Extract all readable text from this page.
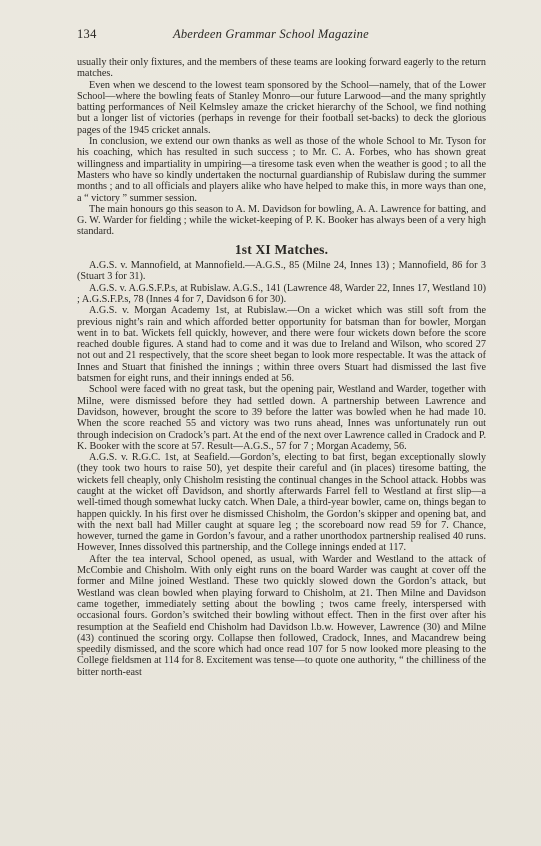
134	Aberdeen Grammar School Magazine

usually their only fixtures, and the members of these teams are looking forward eagerly to the return matches.

Even when we descend to the lowest team sponsored by the School—namely, that of the Lower School—where the bowling feats of Stanley Monro—our future Larwood—and the many sprightly batting performances of Neil Kelmsley amaze the cricket hierarchy of the School, we find nothing but a longer list of victories (perhaps in revenge for their football set-backs) to deck the glorious pages of the 1945 cricket annals.

In conclusion, we extend our own thanks as well as those of the whole School to Mr. Tyson for his coaching, which has resulted in such success ; to Mr. C. A. Forbes, who has shown great willingness and impartiality in umpiring—a tiresome task even when the weather is good ; to all the Masters who have so kindly undertaken the nocturnal guardianship of Rubislaw during the summer months ; and to all officials and players alike who have helped to make this, in more ways than one, a “ victory ” summer session.

The main honours go this season to A. M. Davidson for bowling, A. A. Lawrence for batting, and G. W. Warder for fielding ; while the wicket-keeping of P. K. Booker has always been of a very high standard.

1st XI Matches.

A.G.S. v. Mannofield, at Mannofield.—A.G.S., 85 (Milne 24, Innes 13) ; Mannofield, 86 for 3 (Stuart 3 for 31).

A.G.S. v. A.G.S.F.P.s, at Rubislaw. A.G.S., 141 (Lawrence 48, Warder 22, Innes 17, Westland 10) ; A.G.S.F.P.s, 78 (Innes 4 for 7, Davidson 6 for 30).

A.G.S. v. Morgan Academy 1st, at Rubislaw.—On a wicket which was still soft from the previous night’s rain and which afforded better opportunity for batsman than for bowler, Morgan went in to bat. Wickets fell quickly, however, and there were four wickets down before the score reached double figures. A stand had to come and it was due to Ireland and Wilson, who scored 27 not out and 21 respectively, that the score sheet began to look more respectable. It was the attack of Innes and Stuart that finished the innings ; within three overs Stuart had dismissed the last five batsmen for eight runs, and their innings ended at 56.

School were faced with no great task, but the opening pair, Westland and Warder, together with Milne, were dismissed before they had settled down. A partnership between Lawrence and Davidson, however, brought the score to 39 before the latter was bowled when he had made 10. When the score reached 55 and victory was two runs ahead, Innes was unfortunately run out through indecision on Cradock’s part. At the end of the next over Lawrence called in Cradock and P. K. Booker with the score at 57. Result—A.G.S., 57 for 7 ; Morgan Academy, 56.

A.G.S. v. R.G.C. 1st, at Seafield.—Gordon’s, electing to bat first, began exceptionally slowly (they took two hours to raise 50), yet despite their careful and (in places) tiresome batting, the wickets fell cheaply, only Chisholm resisting the continual changes in the School attack. Hobbs was caught at the wicket off Davidson, and shortly afterwards Farrel fell to Westland at first slip—a well-timed though somewhat lucky catch. When Dale, a third-year bowler, came on, things began to happen quickly. In his first over he dismissed Chisholm, the Gordon’s skipper and opening bat, and with the next ball had Miller caught at square leg ; the scoreboard now read 59 for 7. Chance, however, turned the game in Gordon’s favour, and a rather unorthodox partnership realised 40 runs. However, Innes dissolved this partnership, and the College innings ended at 117.

After the tea interval, School opened, as usual, with Warder and Westland to the attack of McCombie and Chisholm. With only eight runs on the board Warder was caught at cover off the former and Milne joined Westland. These two quickly slowed down the Gordon’s attack, but Westland was clean bowled when playing forward to Chisholm, at 21. Then Milne and Davidson came together, immediately setting about the bowling ; twos came freely, interspersed with occasional fours. Gordon’s switched their bowling without effect. Then in the first over after his resumption at the Seafield end Chisholm had Davidson l.b.w. However, Lawrence (30) and Milne (43) continued the scoring orgy. Collapse then followed, Cradock, Innes, and Macandrew being speedily dismissed, and the score which had once read 107 for 5 now looked more pleasing to the College fieldsmen at 114 for 8. Excitement was tense—to quote one authority, “ the chilliness of the bitter north-east
